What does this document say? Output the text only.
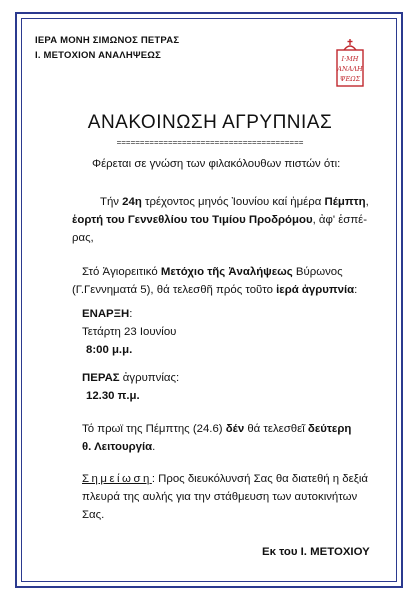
ΙΕΡΑ ΜΟΝΗ ΣΙΜΩΝΟΣ ΠΕΤΡΑΣ
Ι. ΜΕΤΟΧΙΟΝ ΑΝΑΛΗΨΕΩΣ	Ι·ΜΗ
ΑΝΑΛΗ
ΨΕΩΣ
ΑΝΑΚΟΙΝΩΣΗ ΑΓΡΥΠΝΙΑΣ
========================================
Φέρεται σε γνώση των φιλακόλουθων πιστών ότι:
Τήν 24η τρέχοντος μηνός Ἰουνίου καί ἡμέρα Πέμπτη,
ἑορτή του Γεννεθλίου του Τιμίου Προδρόμου, ἀφ' ἑσπέ-
ρας,
Στό Ἁγιορειτικό Μετόχιο τῆς Ἀναλήψεως Βύρωνος
(Γ.Γεννηματά 5), θά τελεσθῆ πρός τοῦτο ἱερά ἀγρυπνία:
ΕΝΑΡΞΗ:
Τετάρτη 23 Ιουνίου
8:00 μ.μ.
ΠΕΡΑΣ ἀγρυπνίας:
12.30 π.μ.
Τό πρωϊ της Πέμπτης (24.6) δέν θά τελεσθεῖ δεύτερη
θ. Λειτουργία.
Σημείωση: Προς διευκόλυνσή Σας θα διατεθή η δεξιά
πλευρά της αυλής για την στάθμευση των αυτοκινήτων
Σας.
Εκ του Ι. ΜΕΤΟΧΙΟΥ
